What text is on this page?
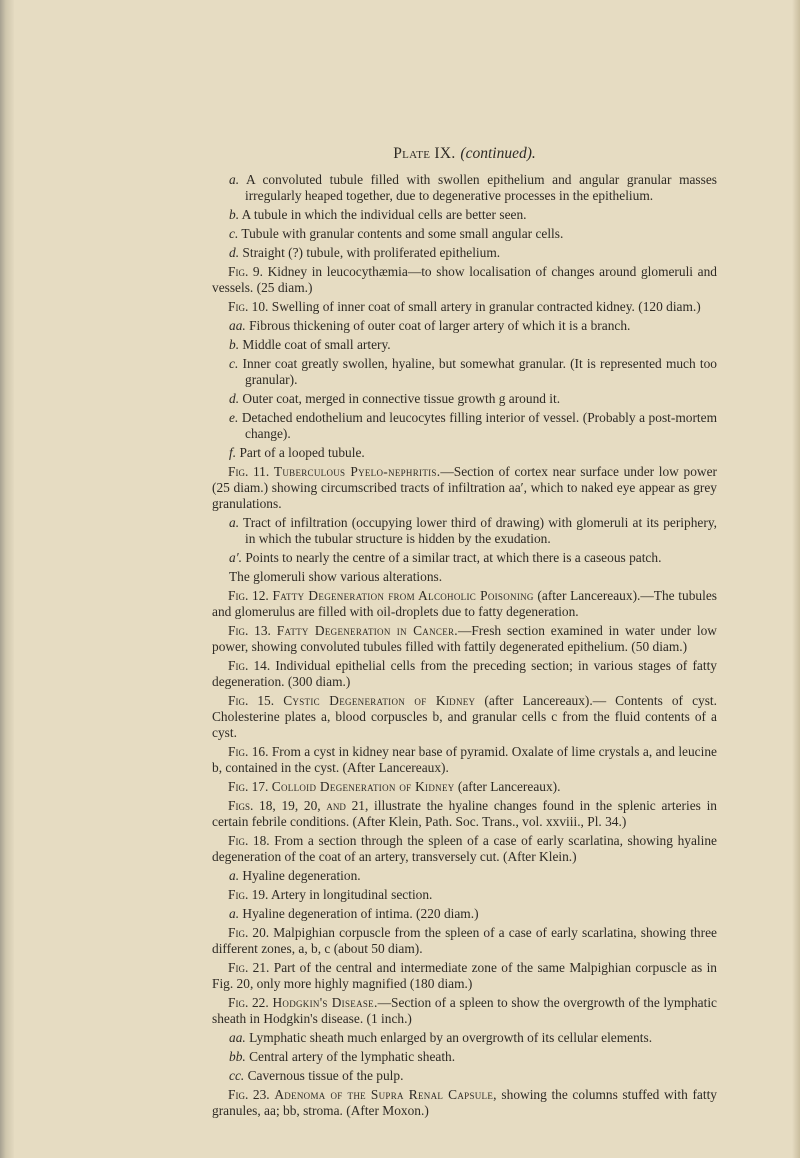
Plate IX. (continued).
a. A convoluted tubule filled with swollen epithelium and angular granular masses irregularly heaped together, due to degenerative processes in the epithelium.
b. A tubule in which the individual cells are better seen.
c. Tubule with granular contents and some small angular cells.
d. Straight (?) tubule, with proliferated epithelium.
Fig. 9. Kidney in leucocythæmia—to show localisation of changes around glomeruli and vessels. (25 diam.)
Fig. 10. Swelling of inner coat of small artery in granular contracted kidney. (120 diam.)
aa. Fibrous thickening of outer coat of larger artery of which it is a branch.
b. Middle coat of small artery.
c. Inner coat greatly swollen, hyaline, but somewhat granular. (It is represented much too granular).
d. Outer coat, merged in connective tissue growth g around it.
e. Detached endothelium and leucocytes filling interior of vessel. (Probably a post-mortem change).
f. Part of a looped tubule.
Fig. 11. Tuberculous Pyelo-nephritis.—Section of cortex near surface under low power (25 diam.) showing circumscribed tracts of infiltration aa′, which to naked eye appear as grey granulations.
a. Tract of infiltration (occupying lower third of drawing) with glomeruli at its periphery, in which the tubular structure is hidden by the exudation.
a′. Points to nearly the centre of a similar tract, at which there is a caseous patch.
The glomeruli show various alterations.
Fig. 12. Fatty Degeneration from Alcoholic Poisoning (after Lancereaux).—The tubules and glomerulus are filled with oil-droplets due to fatty degeneration.
Fig. 13. Fatty Degeneration in Cancer.—Fresh section examined in water under low power, showing convoluted tubules filled with fattily degenerated epithelium. (50 diam.)
Fig. 14. Individual epithelial cells from the preceding section; in various stages of fatty degeneration. (300 diam.)
Fig. 15. Cystic Degeneration of Kidney (after Lancereaux).— Contents of cyst. Cholesterine plates a, blood corpuscles b, and granular cells c from the fluid contents of a cyst.
Fig. 16. From a cyst in kidney near base of pyramid. Oxalate of lime crystals a, and leucine b, contained in the cyst. (After Lancereaux).
Fig. 17. Colloid Degeneration of Kidney (after Lancereaux).
Figs. 18, 19, 20, and 21, illustrate the hyaline changes found in the splenic arteries in certain febrile conditions. (After Klein, Path. Soc. Trans., vol. xxviii., Pl. 34.)
Fig. 18. From a section through the spleen of a case of early scarlatina, showing hyaline degeneration of the coat of an artery, transversely cut. (After Klein.)
a. Hyaline degeneration.
Fig. 19. Artery in longitudinal section.
a. Hyaline degeneration of intima. (220 diam.)
Fig. 20. Malpighian corpuscle from the spleen of a case of early scarlatina, showing three different zones, a, b, c (about 50 diam).
Fig. 21. Part of the central and intermediate zone of the same Malpighian corpuscle as in Fig. 20, only more highly magnified (180 diam.)
Fig. 22. Hodgkin's Disease.—Section of a spleen to show the overgrowth of the lymphatic sheath in Hodgkin's disease. (1 inch.)
aa. Lymphatic sheath much enlarged by an overgrowth of its cellular elements.
bb. Central artery of the lymphatic sheath.
cc. Cavernous tissue of the pulp.
Fig. 23. Adenoma of the Supra Renal Capsule, showing the columns stuffed with fatty granules, aa; bb, stroma. (After Moxon.)
